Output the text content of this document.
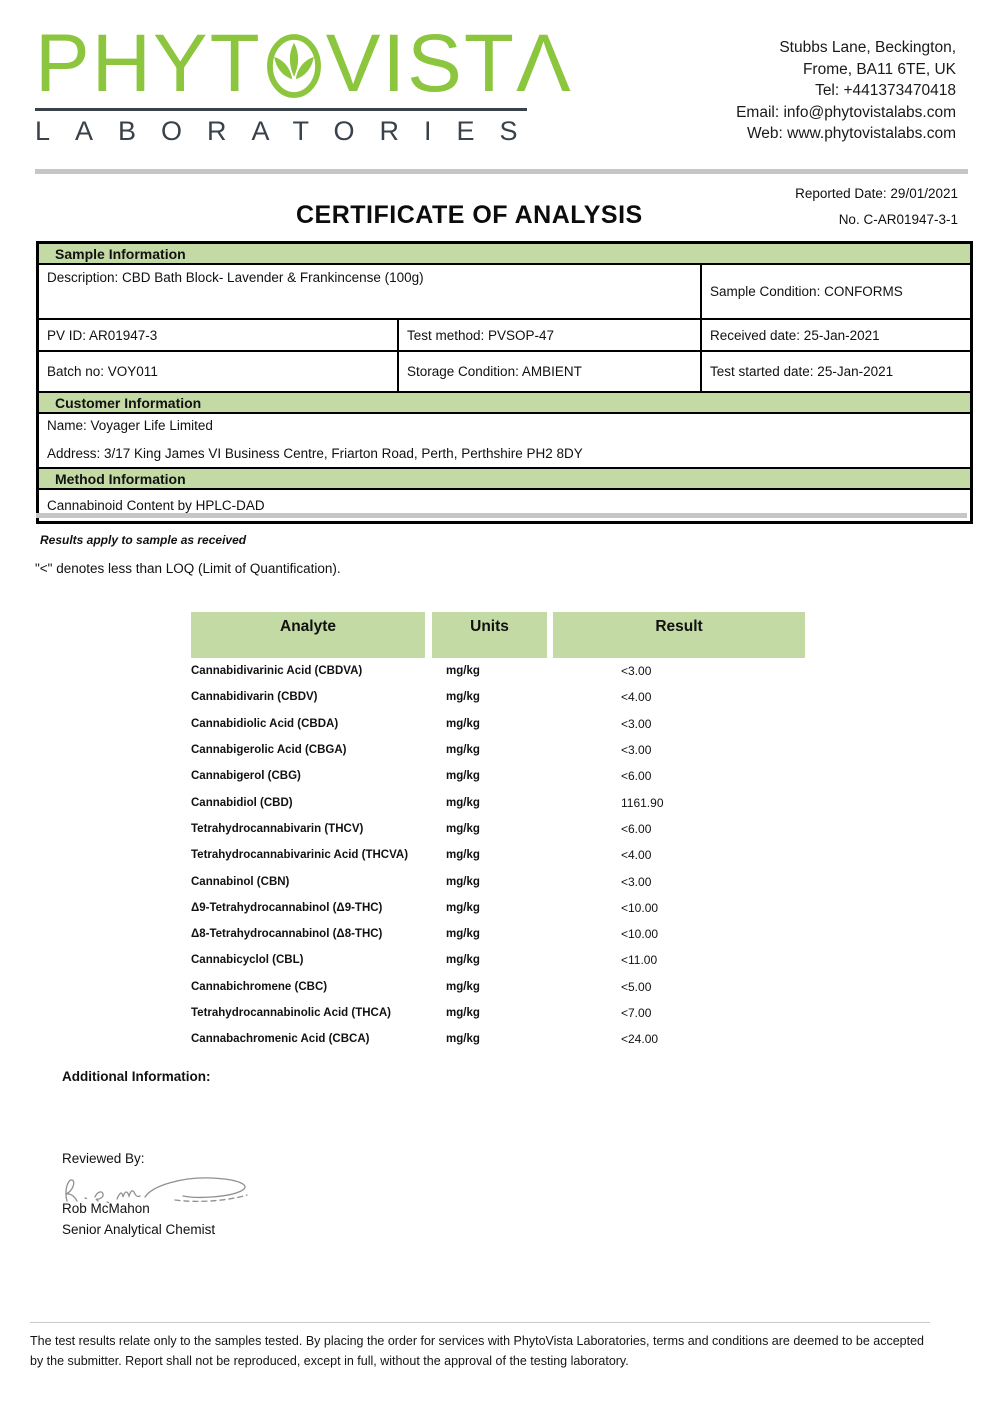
PHYT VIST Λ
LABORATORIES
Stubbs Lane, Beckington,
Frome, BA11 6TE, UK
Tel: +441373470418
Email: info@phytovistalabs.com
Web: www.phytovistalabs.com
Reported Date: 29/01/2021
No. C-AR01947-3-1
CERTIFICATE OF ANALYSIS
Sample Information
Description: CBD Bath Block- Lavender & Frankincense (100g)
Sample Condition: CONFORMS
PV ID: AR01947-3	Test method: PVSOP-47	Received date: 25-Jan-2021
Batch no: VOY011	Storage Condition: AMBIENT	Test started date: 25-Jan-2021
Customer Information
Name: Voyager Life Limited
Address: 3/17 King James VI Business Centre, Friarton Road, Perth, Perthshire PH2 8DY
Method Information
Cannabinoid Content by HPLC-DAD
Results apply to sample as received
"<" denotes less than LOQ (Limit of Quantification).
Analyte	Units	Result
Cannabidivarinic Acid (CBDVA)	mg/kg	<3.00
Cannabidivarin (CBDV)	mg/kg	<4.00
Cannabidiolic Acid (CBDA)	mg/kg	<3.00
Cannabigerolic Acid (CBGA)	mg/kg	<3.00
Cannabigerol (CBG)	mg/kg	<6.00
Cannabidiol (CBD)	mg/kg	1161.90
Tetrahydrocannabivarin (THCV)	mg/kg	<6.00
Tetrahydrocannabivarinic Acid (THCVA)	mg/kg	<4.00
Cannabinol (CBN)	mg/kg	<3.00
Δ9-Tetrahydrocannabinol (Δ9-THC)	mg/kg	<10.00
Δ8-Tetrahydrocannabinol (Δ8-THC)	mg/kg	<10.00
Cannabicyclol (CBL)	mg/kg	<11.00
Cannabichromene (CBC)	mg/kg	<5.00
Tetrahydrocannabinolic Acid (THCA)	mg/kg	<7.00
Cannabachromenic Acid (CBCA)	mg/kg	<24.00
Additional Information:
Reviewed By:
Rob McMahon
Senior Analytical Chemist
The test results relate only to the samples tested. By placing the order for services with PhytoVista Laboratories, terms and conditions are deemed to be accepted by the submitter. Report shall not be reproduced, except in full, without the approval of the testing laboratory.
